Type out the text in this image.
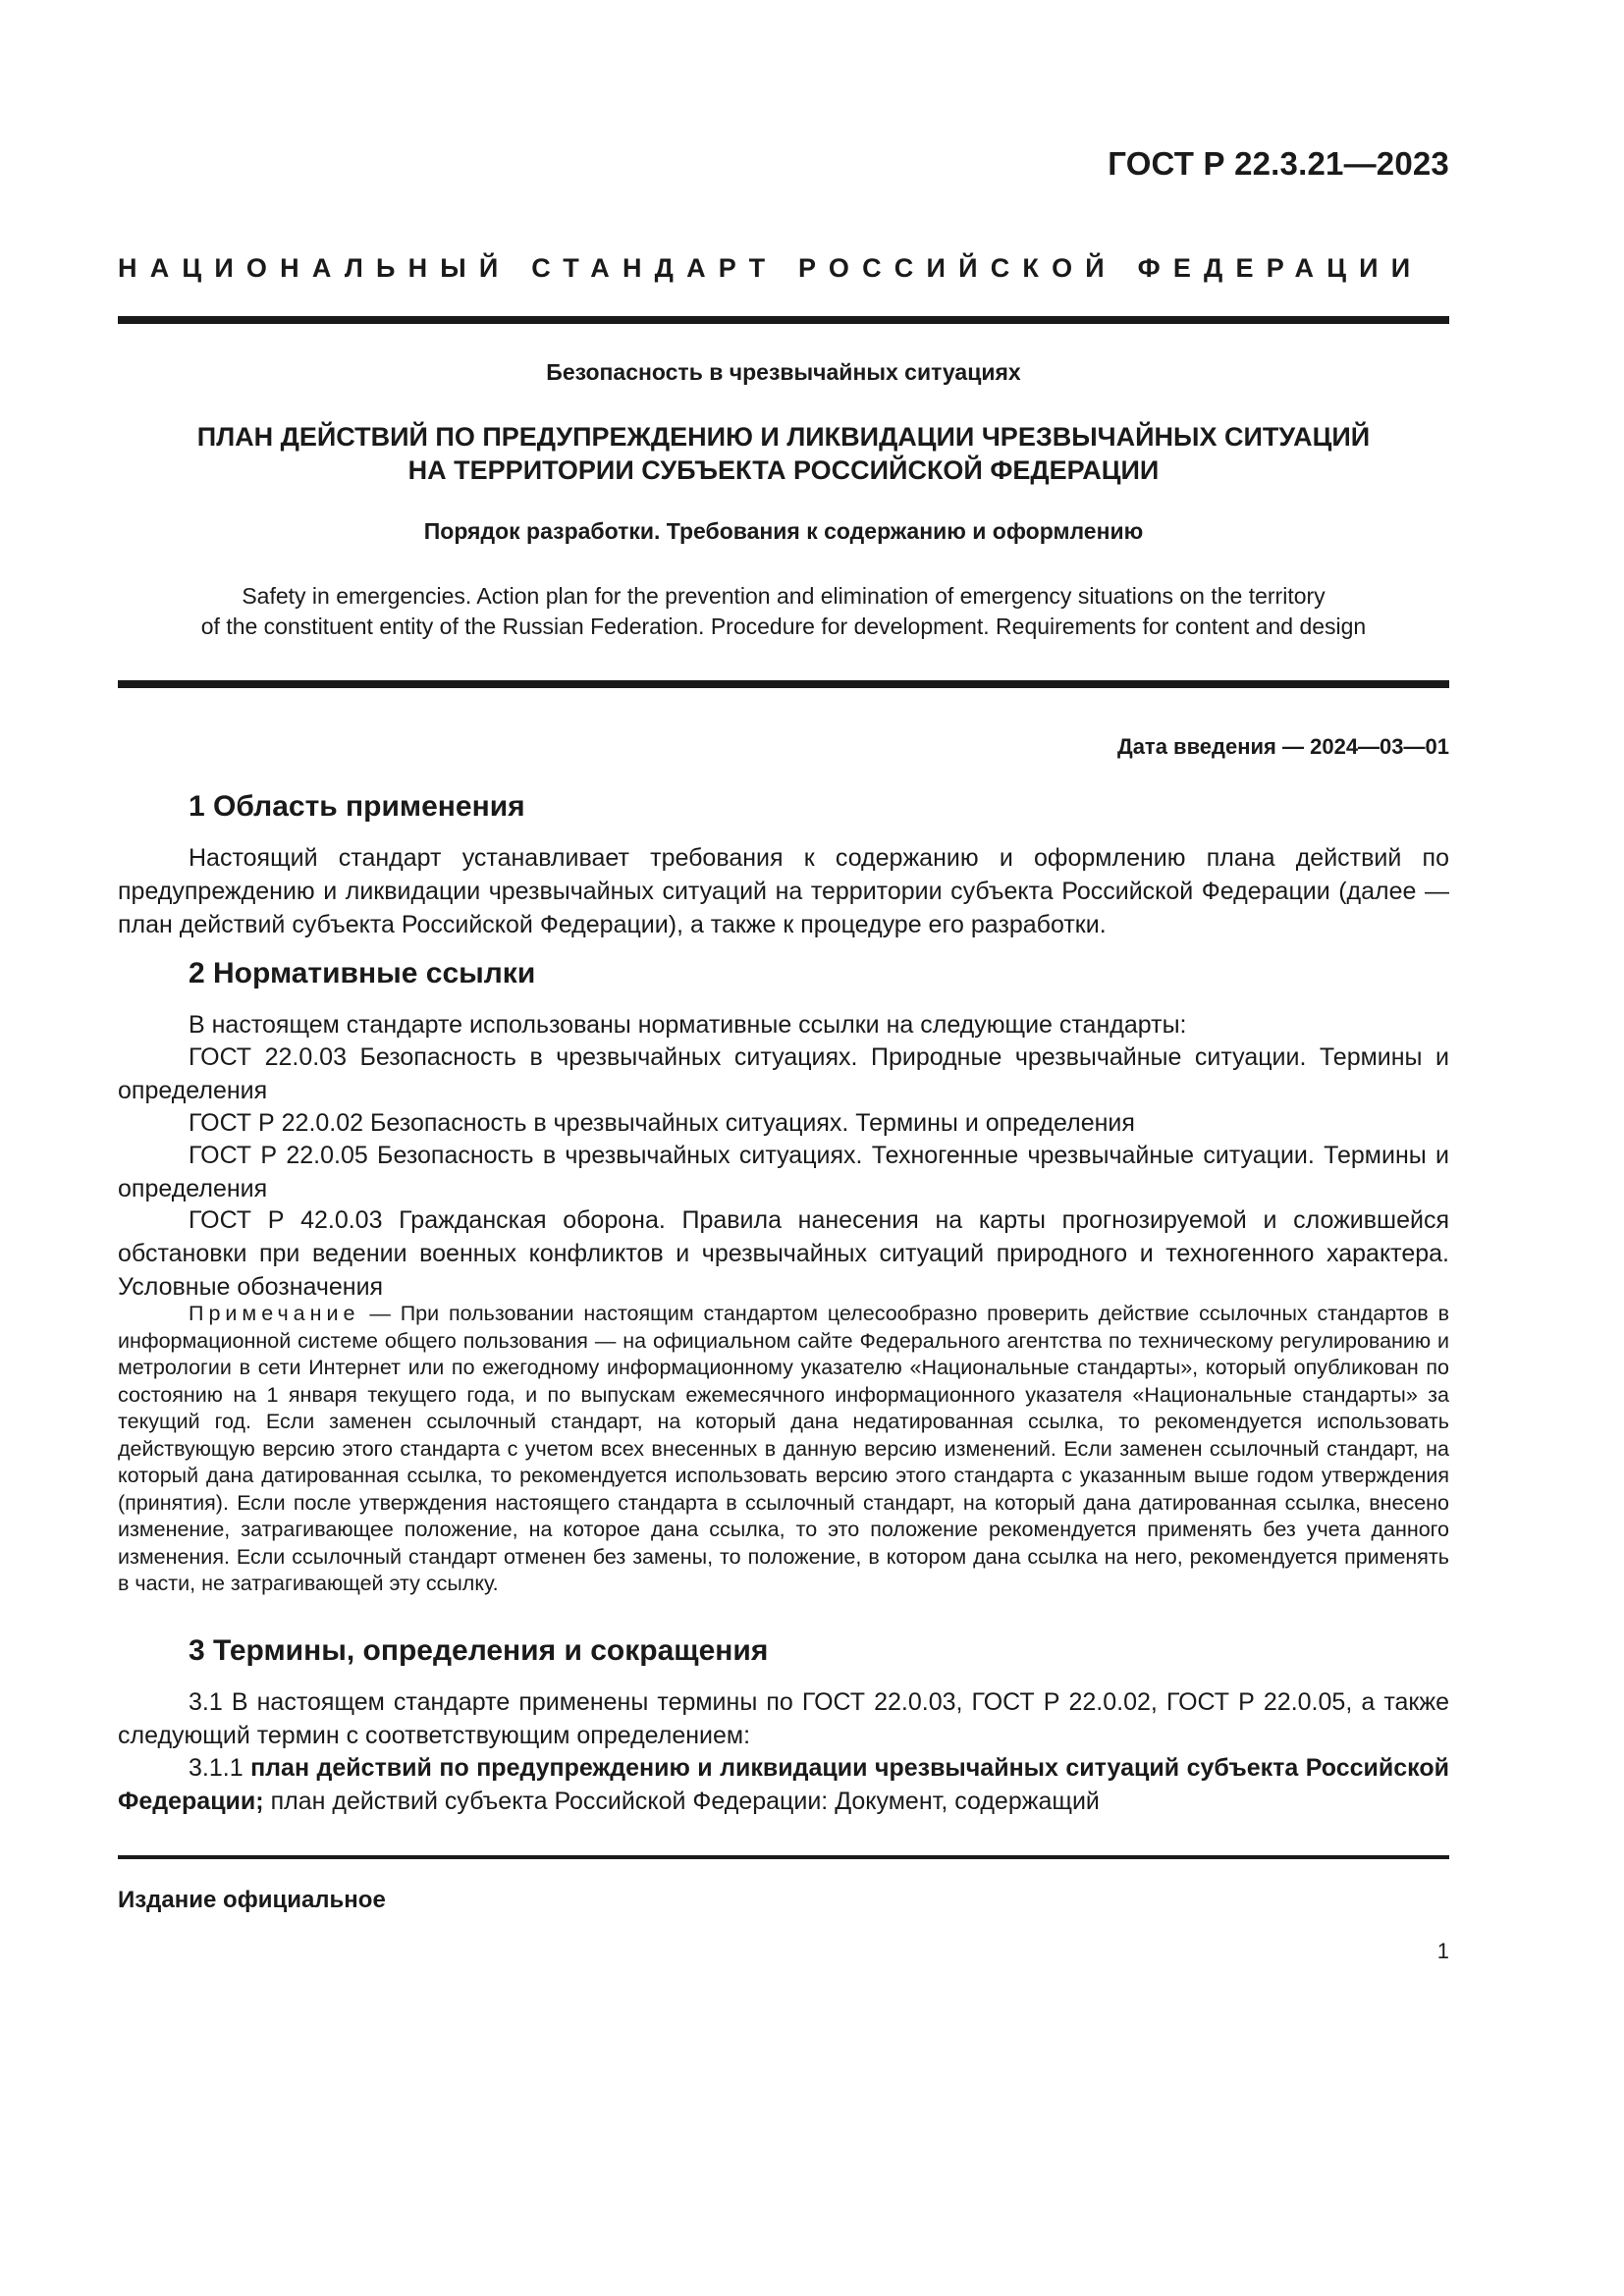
ГОСТ Р 22.3.21—2023
НАЦИОНАЛЬНЫЙ СТАНДАРТ РОССИЙСКОЙ ФЕДЕРАЦИИ
Безопасность в чрезвычайных ситуациях
ПЛАН ДЕЙСТВИЙ ПО ПРЕДУПРЕЖДЕНИЮ И ЛИКВИДАЦИИ ЧРЕЗВЫЧАЙНЫХ СИТУАЦИЙ
НА ТЕРРИТОРИИ СУБЪЕКТА РОССИЙСКОЙ ФЕДЕРАЦИИ
Порядок разработки. Требования к содержанию и оформлению
Safety in emergencies. Action plan for the prevention and elimination of emergency situations on the territory
of the constituent entity of the Russian Federation. Procedure for development. Requirements for content and design
Дата введения — 2024—03—01
1 Область применения
Настоящий стандарт устанавливает требования к содержанию и оформлению плана действий по предупреждению и ликвидации чрезвычайных ситуаций на территории субъекта Российской Федерации (далее — план действий субъекта Российской Федерации), а также к процедуре его разработки.
2 Нормативные ссылки
В настоящем стандарте использованы нормативные ссылки на следующие стандарты:
ГОСТ 22.0.03 Безопасность в чрезвычайных ситуациях. Природные чрезвычайные ситуации. Термины и определения
ГОСТ Р 22.0.02 Безопасность в чрезвычайных ситуациях. Термины и определения
ГОСТ Р 22.0.05 Безопасность в чрезвычайных ситуациях. Техногенные чрезвычайные ситуации. Термины и определения
ГОСТ Р 42.0.03 Гражданская оборона. Правила нанесения на карты прогнозируемой и сложившейся обстановки при ведении военных конфликтов и чрезвычайных ситуаций природного и техногенного характера. Условные обозначения
Примечание — При пользовании настоящим стандартом целесообразно проверить действие ссылочных стандартов в информационной системе общего пользования — на официальном сайте Федерального агентства по техническому регулированию и метрологии в сети Интернет или по ежегодному информационному указателю «Национальные стандарты», который опубликован по состоянию на 1 января текущего года, и по выпускам ежемесячного информационного указателя «Национальные стандарты» за текущий год. Если заменен ссылочный стандарт, на который дана недатированная ссылка, то рекомендуется использовать действующую версию этого стандарта с учетом всех внесенных в данную версию изменений. Если заменен ссылочный стандарт, на который дана датированная ссылка, то рекомендуется использовать версию этого стандарта с указанным выше годом утверждения (принятия). Если после утверждения настоящего стандарта в ссылочный стандарт, на который дана датированная ссылка, внесено изменение, затрагивающее положение, на которое дана ссылка, то это положение рекомендуется применять без учета данного изменения. Если ссылочный стандарт отменен без замены, то положение, в котором дана ссылка на него, рекомендуется применять в части, не затрагивающей эту ссылку.
3 Термины, определения и сокращения
3.1 В настоящем стандарте применены термины по ГОСТ 22.0.03, ГОСТ Р 22.0.02, ГОСТ Р 22.0.05, а также следующий термин с соответствующим определением:
3.1.1 план действий по предупреждению и ликвидации чрезвычайных ситуаций субъекта Российской Федерации; план действий субъекта Российской Федерации: Документ, содержащий
Издание официальное
1
